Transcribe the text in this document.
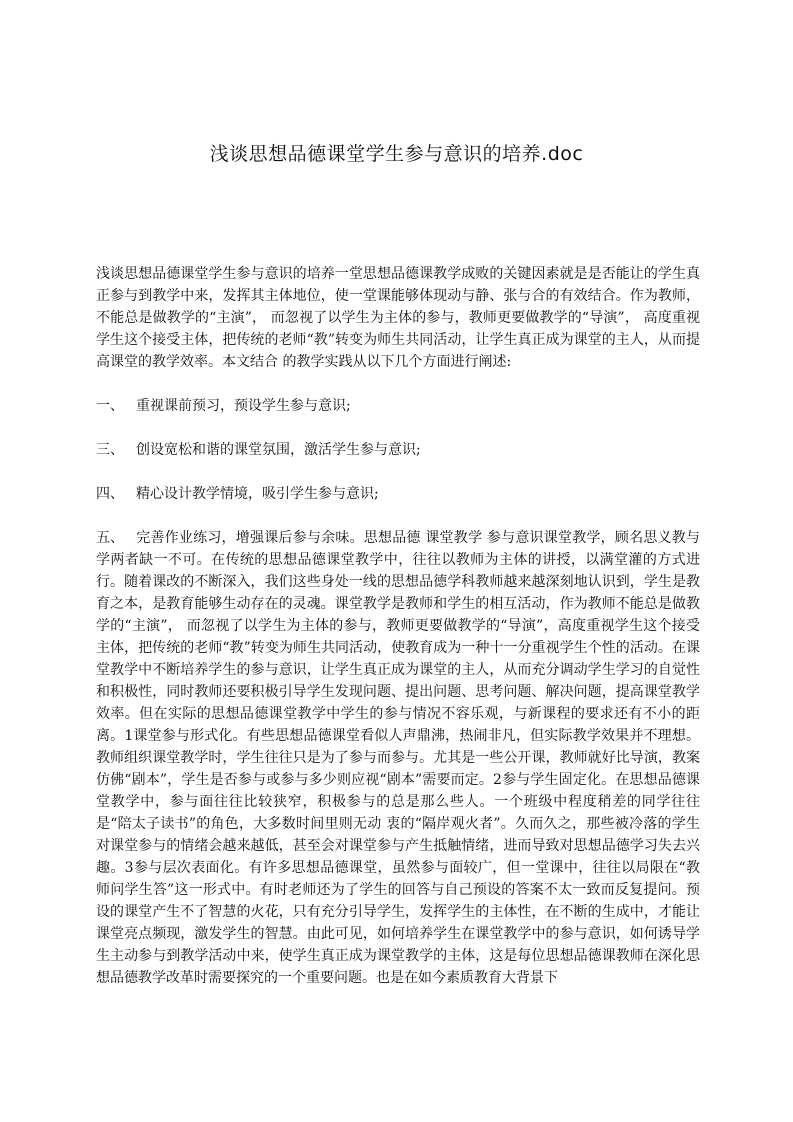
浅谈思想品德课堂学生参与意识的培养.doc

浅谈思想品德课堂学生参与意识的培养一堂思想品德课教学成败的关键因素就是是否能让的学生真正参与到教学中来，发挥其主体地位，使一堂课能够体现动与静、张与合的有效结合。作为教师，不能总是做教学的“主演”， 而忽视了以学生为主体的参与，教师更要做教学的“导演”， 高度重视学生这个接受主体，把传统的老师“教”转变为师生共同活动，让学生真正成为课堂的主人，从而提高课堂的教学效率。本文结合 的教学实践从以下几个方面进行阐述:

一、 重视课前预习，预设学生参与意识;

三、 创设宽松和谐的课堂氛围，激活学生参与意识;

四、 精心设计教学情境，吸引学生参与意识;

五、 完善作业练习，增强课后参与余味。思想品德 课堂教学 参与意识课堂教学，顾名思义教与学两者缺一不可。在传统的思想品德课堂教学中，往往以教师为主体的讲授，以满堂灌的方式进行。随着课改的不断深入，我们这些身处一线的思想品德学科教师越来越深刻地认识到，学生是教育之本，是教育能够生动存在的灵魂。课堂教学是教师和学生的相互活动，作为教师不能总是做教学的“主演”， 而忽视了以学生为主体的参与，教师更要做教学的“导演”，高度重视学生这个接受主体，把传统的老师“教”转变为师生共同活动，使教育成为一种十一分重视学生个性的活动。在课堂教学中不断培养学生的参与意识，让学生真正成为课堂的主人，从而充分调动学生学习的自觉性和积极性，同时教师还要积极引导学生发现问题、提出问题、思考问题、解决问题，提高课堂教学效率。但在实际的思想品德课堂教学中学生的参与情况不容乐观，与新课程的要求还有不小的距离。1课堂参与形式化。有些思想品德课堂看似人声鼎沸，热闹非凡，但实际教学效果并不理想。教师组织课堂教学时，学生往往只是为了参与而参与。尤其是一些公开课，教师就好比导演，教案仿佛“剧本”，学生是否参与或参与多少则应视“剧本”需要而定。2参与学生固定化。在思想品德课堂教学中，参与面往往比较狭窄，积极参与的总是那么些人。一个班级中程度稍差的同学往往是“陪太子读书”的角色，大多数时间里则无动 衷的“隔岸观火者”。久而久之，那些被冷落的学生对课堂参与的情绪会越来越低，甚至会对课堂参与产生抵触情绪，进而导致对思想品德学习失去兴趣。3参与层次表面化。有许多思想品德课堂，虽然参与面较广，但一堂课中，往往以局限在“教师问学生答”这一形式中。有时老师还为了学生的回答与自己预设的答案不太一致而反复提问。预设的课堂产生不了智慧的火花，只有充分引导学生，发挥学生的主体性，在不断的生成中，才能让课堂亮点频现，激发学生的智慧。由此可见，如何培养学生在课堂教学中的参与意识，如何诱导学生主动参与到教学活动中来，使学生真正成为课堂教学的主体，这是每位思想品德课教师在深化思想品德教学改革时需要探究的一个重要问题。也是在如今素质教育大背景下
